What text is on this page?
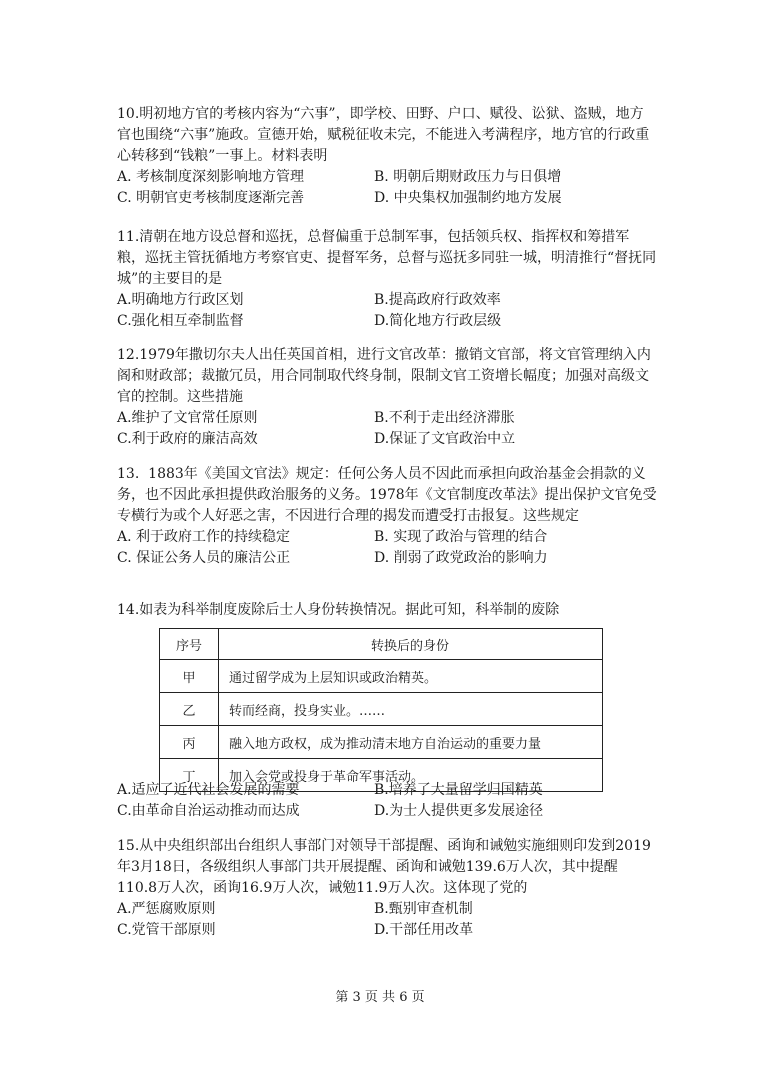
10.明初地方官的考核内容为“六事”，即学校、田野、户口、赋役、讼狱、盗贼，地方官也围绕“六事”施政。宣德开始，赋税征收未完，不能进入考满程序，地方官的行政重心转移到“钱粮”一事上。材料表明

A. 考核制度深刻影响地方管理	B. 明朝后期财政压力与日俱增
C. 明朝官吏考核制度逐渐完善	D. 中央集权加强制约地方发展

11.清朝在地方设总督和巡抚，总督偏重于总制军事，包括领兵权、指挥权和筹措军粮，巡抚主管抚循地方考察官吏、提督军务，总督与巡抚多同驻一城，明清推行“督抚同城”的主要目的是

A.明确地方行政区划	B.提高政府行政效率
C.强化相互牵制监督	D.简化地方行政层级

12.1979年撒切尔夫人出任英国首相，进行文官改革：撤销文官部，将文官管理纳入内阁和财政部；裁撤冗员，用合同制取代终身制，限制文官工资增长幅度；加强对高级文官的控制。这些措施

A.维护了文官常任原则	B.不利于走出经济滞胀
C.利于政府的廉洁高效	D.保证了文官政治中立

13.  1883年《美国文官法》规定：任何公务人员不因此而承担向政治基金会捐款的义务，也不因此承担提供政治服务的义务。1978年《文官制度改革法》提出保护文官免受专横行为或个人好恶之害，不因进行合理的揭发而遭受打击报复。这些规定

A. 利于政府工作的持续稳定	B. 实现了政治与管理的结合
C. 保证公务人员的廉洁公正	D. 削弱了政党政治的影响力

14.如表为科举制度废除后士人身份转换情况。据此可知，科举制的废除

序号	转换后的身份
甲	通过留学成为上层知识或政治精英。
乙	转而经商，投身实业。……
丙	融入地方政权，成为推动清末地方自治运动的重要力量
丁	加入会党或投身于革命军事活动。
A.适应了近代社会发展的需要	B.培养了大量留学归国精英
C.由革命自治运动推动而达成	D.为士人提供更多发展途径

15.从中央组织部出台组织人事部门对领导干部提醒、函询和诫勉实施细则印发到2019年3月18日，各级组织人事部门共开展提醒、函询和诫勉139.6万人次，其中提醒110.8万人次，函询16.9万人次，诫勉11.9万人次。这体现了党的

A.严惩腐败原则	B.甄别审查机制
C.党管干部原则	D.干部任用改革
第 3 页 共 6 页
